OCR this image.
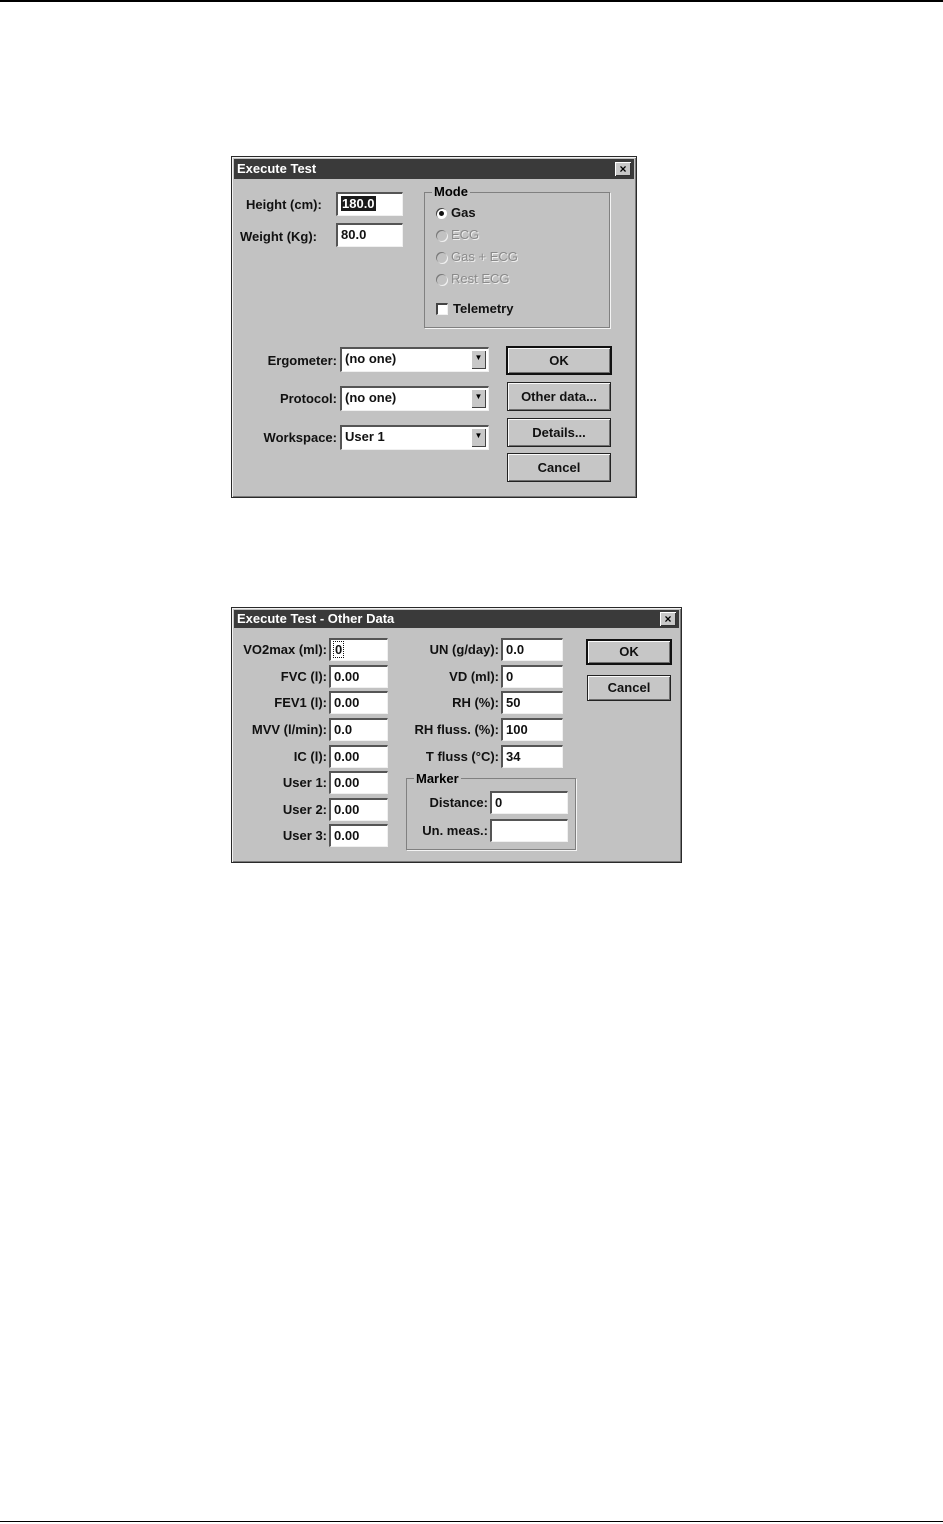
Execute Test	×
Height (cm):	180.0
Weight (Kg):	80.0
Mode
Gas
ECG
Gas + ECG
Rest ECG
Telemetry
Ergometer: (no one)	▼
Protocol: (no one)	▼
Workspace: User 1	▼
OK
Other data...
Details...
Cancel
Execute Test - Other Data	×
VO2max (ml): 0
FVC (l): 0.00
FEV1 (l): 0.00
MVV (l/min): 0.0
IC (l): 0.00
User 1: 0.00
User 2: 0.00
User 3: 0.00
UN (g/day): 0.0
VD (ml): 0
RH (%): 50
RH fluss. (%): 100
T fluss (°C): 34
Marker
Distance: 0
Un. meas.:
OK
Cancel
